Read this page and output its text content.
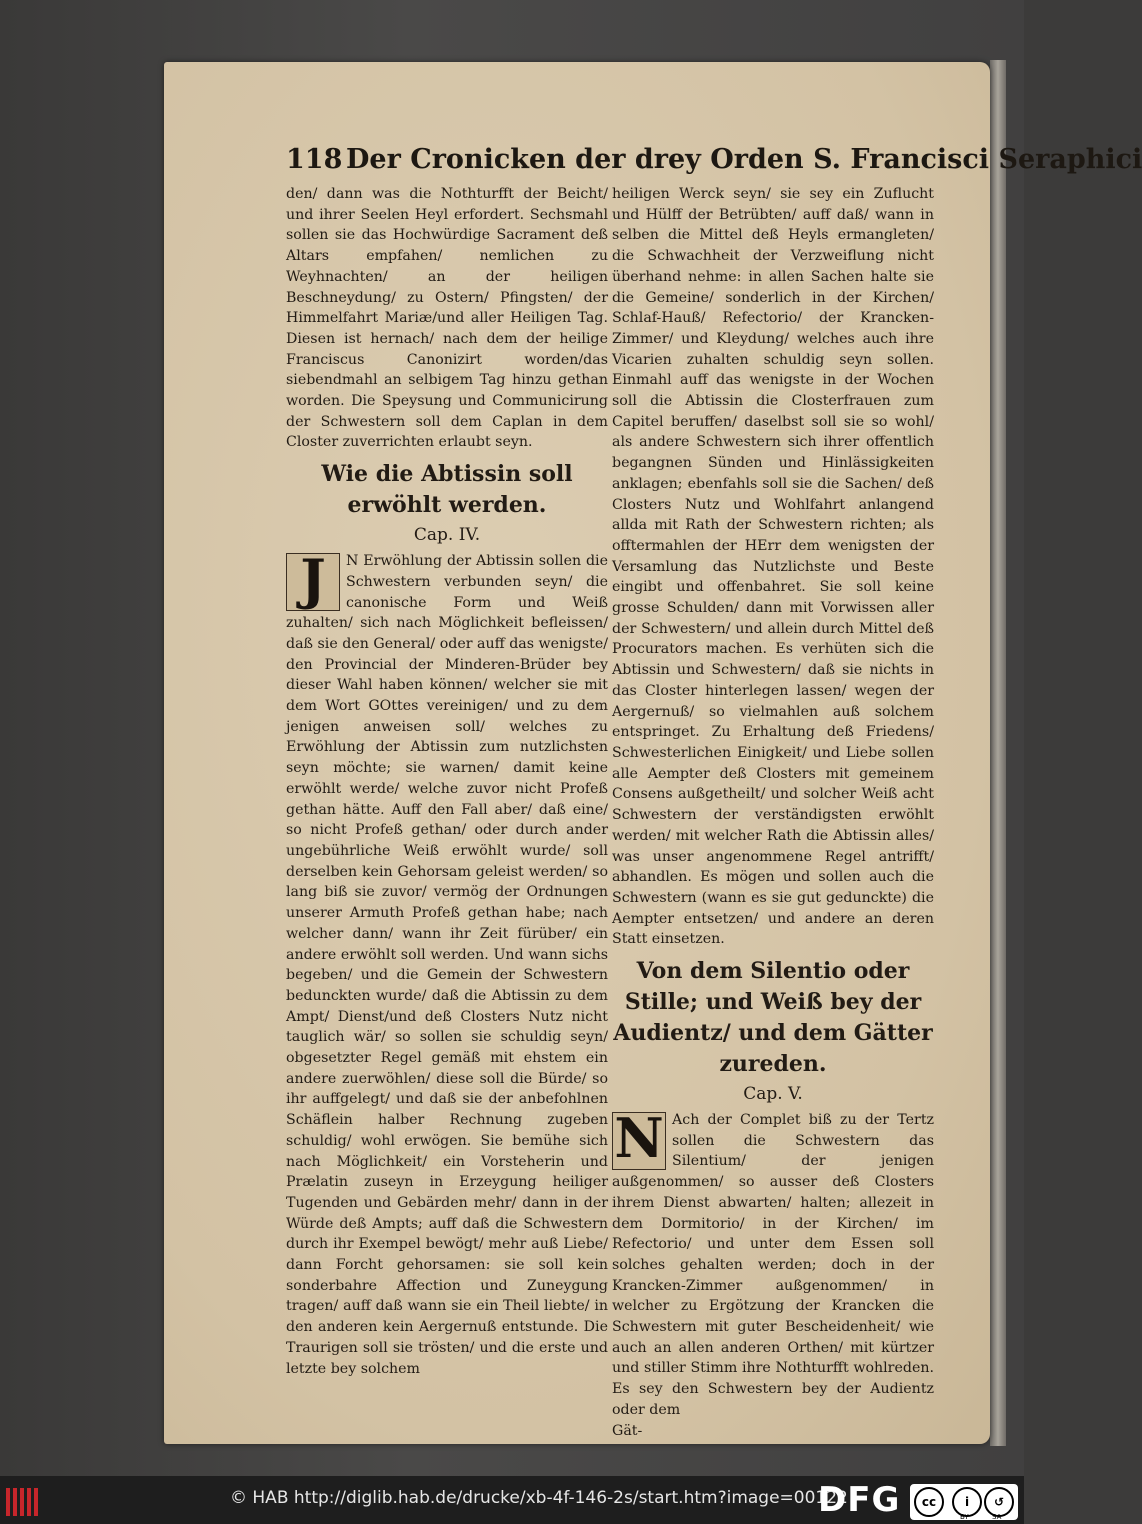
118 Der Cronicken der drey Orden S. Francisci Seraphici

den/ dann was die Nothturfft der Beicht/ und ihrer Seelen Heyl erfordert. Sechsmahl sollen sie das Hochwürdige Sacrament deß Altars empfahen/ nemlichen zu Weyhnachten/ an der heiligen Beschneydung/ zu Ostern/ Pfingsten/ der Himmelfahrt Mariæ/und aller Heiligen Tag. Diesen ist hernach/ nach dem der heilige Franciscus Canonizirt worden/das siebendmahl an selbigem Tag hinzu gethan worden. Die Speysung und Communicirung der Schwestern soll dem Caplan in dem Closter zuverrichten erlaubt seyn.

Wie die Abtissin soll erwöhlt werden.
Cap. IV.

J	N Erwöhlung der Abtissin sollen die Schwestern verbunden seyn/ die canonische Form und Weiß zuhalten/ sich nach Möglichkeit befleissen/ daß sie den General/ oder auff das wenigste/ den Provincial der Minderen-Brüder bey dieser Wahl haben können/ welcher sie mit dem Wort GOttes vereinigen/ und zu dem jenigen anweisen soll/ welches zu Erwöhlung der Abtissin zum nutzlichsten seyn möchte; sie warnen/ damit keine erwöhlt werde/ welche zuvor nicht Profeß gethan hätte. Auff den Fall aber/ daß eine/ so nicht Profeß gethan/ oder durch ander ungebührliche Weiß erwöhlt wurde/ soll derselben kein Gehorsam geleist werden/ so lang biß sie zuvor/ vermög der Ordnungen unserer Armuth Profeß gethan habe; nach welcher dann/ wann ihr Zeit fürüber/ ein andere erwöhlt soll werden. Und wann sichs begeben/ und die Gemein der Schwestern bedunckten wurde/ daß die Abtissin zu dem Ampt/ Dienst/und deß Closters Nutz nicht tauglich wär/ so sollen sie schuldig seyn/ obgesetzter Regel gemäß mit ehstem ein andere zuerwöhlen/ diese soll die Bürde/ so ihr auffgelegt/ und daß sie der anbefohlnen Schäflein halber Rechnung zugeben schuldig/ wohl erwögen. Sie bemühe sich nach Möglichkeit/ ein Vorsteherin und Prælatin zuseyn in Erzeygung heiliger Tugenden und Gebärden mehr/ dann in der Würde deß Ampts; auff daß die Schwestern durch ihr Exempel bewögt/ mehr auß Liebe/ dann Forcht gehorsamen: sie soll kein sonderbahre Affection und Zuneygung tragen/ auff daß wann sie ein Theil liebte/ in den anderen kein Aergernuß entstunde. Die Traurigen soll sie trösten/ und die erste und letzte bey solchem

heiligen Werck seyn/ sie sey ein Zuflucht und Hülff der Betrübten/ auff daß/ wann in selben die Mittel deß Heyls ermangleten/ die Schwachheit der Verzweiflung nicht überhand nehme: in allen Sachen halte sie die Gemeine/ sonderlich in der Kirchen/ Schlaf-Hauß/ Refectorio/ der Krancken-Zimmer/ und Kleydung/ welches auch ihre Vicarien zuhalten schuldig seyn sollen. Einmahl auff das wenigste in der Wochen soll die Abtissin die Closterfrauen zum Capitel beruffen/ daselbst soll sie so wohl/ als andere Schwestern sich ihrer offentlich begangnen Sünden und Hinlässigkeiten anklagen; ebenfahls soll sie die Sachen/ deß Closters Nutz und Wohlfahrt anlangend allda mit Rath der Schwestern richten; als offtermahlen der HErr dem wenigsten der Versamlung das Nutzlichste und Beste eingibt und offenbahret. Sie soll keine grosse Schulden/ dann mit Vorwissen aller der Schwestern/ und allein durch Mittel deß Procurators machen. Es verhüten sich die Abtissin und Schwestern/ daß sie nichts in das Closter hinterlegen lassen/ wegen der Aergernuß/ so vielmahlen auß solchem entspringet. Zu Erhaltung deß Friedens/ Schwesterlichen Einigkeit/ und Liebe sollen alle Aempter deß Closters mit gemeinem Consens außgetheilt/ und solcher Weiß acht Schwestern der verständigsten erwöhlt werden/ mit welcher Rath die Abtissin alles/ was unser angenommene Regel antrifft/ abhandlen. Es mögen und sollen auch die Schwestern (wann es sie gut gedunckte) die Aempter entsetzen/ und andere an deren Statt einsetzen.

Von dem Silentio oder Stille; und Weiß bey der Audientz/ und dem Gätter zureden.
Cap. V.

N Ach der Complet biß zu der Tertz sollen die Schwestern das Silentium/ der jenigen außgenommen/ so ausser deß Closters ihrem Dienst abwarten/ halten; allezeit in dem Dormitorio/ in der Kirchen/ im Refectorio/ und unter dem Essen soll solches gehalten werden; doch in der Krancken-Zimmer außgenommen/ in welcher zu Ergötzung der Krancken die Schwestern mit guter Bescheidenheit/ wie auch an allen anderen Orthen/ mit kürtzer und stiller Stimm ihre Nothturfft wohlreden. Es sey den Schwestern bey der Audientz oder dem

Gät-

© HAB http://diglib.hab.de/drucke/xb-4f-146-2s/start.htm?image=00122
DFG	cc	i	↺
BY	SA
